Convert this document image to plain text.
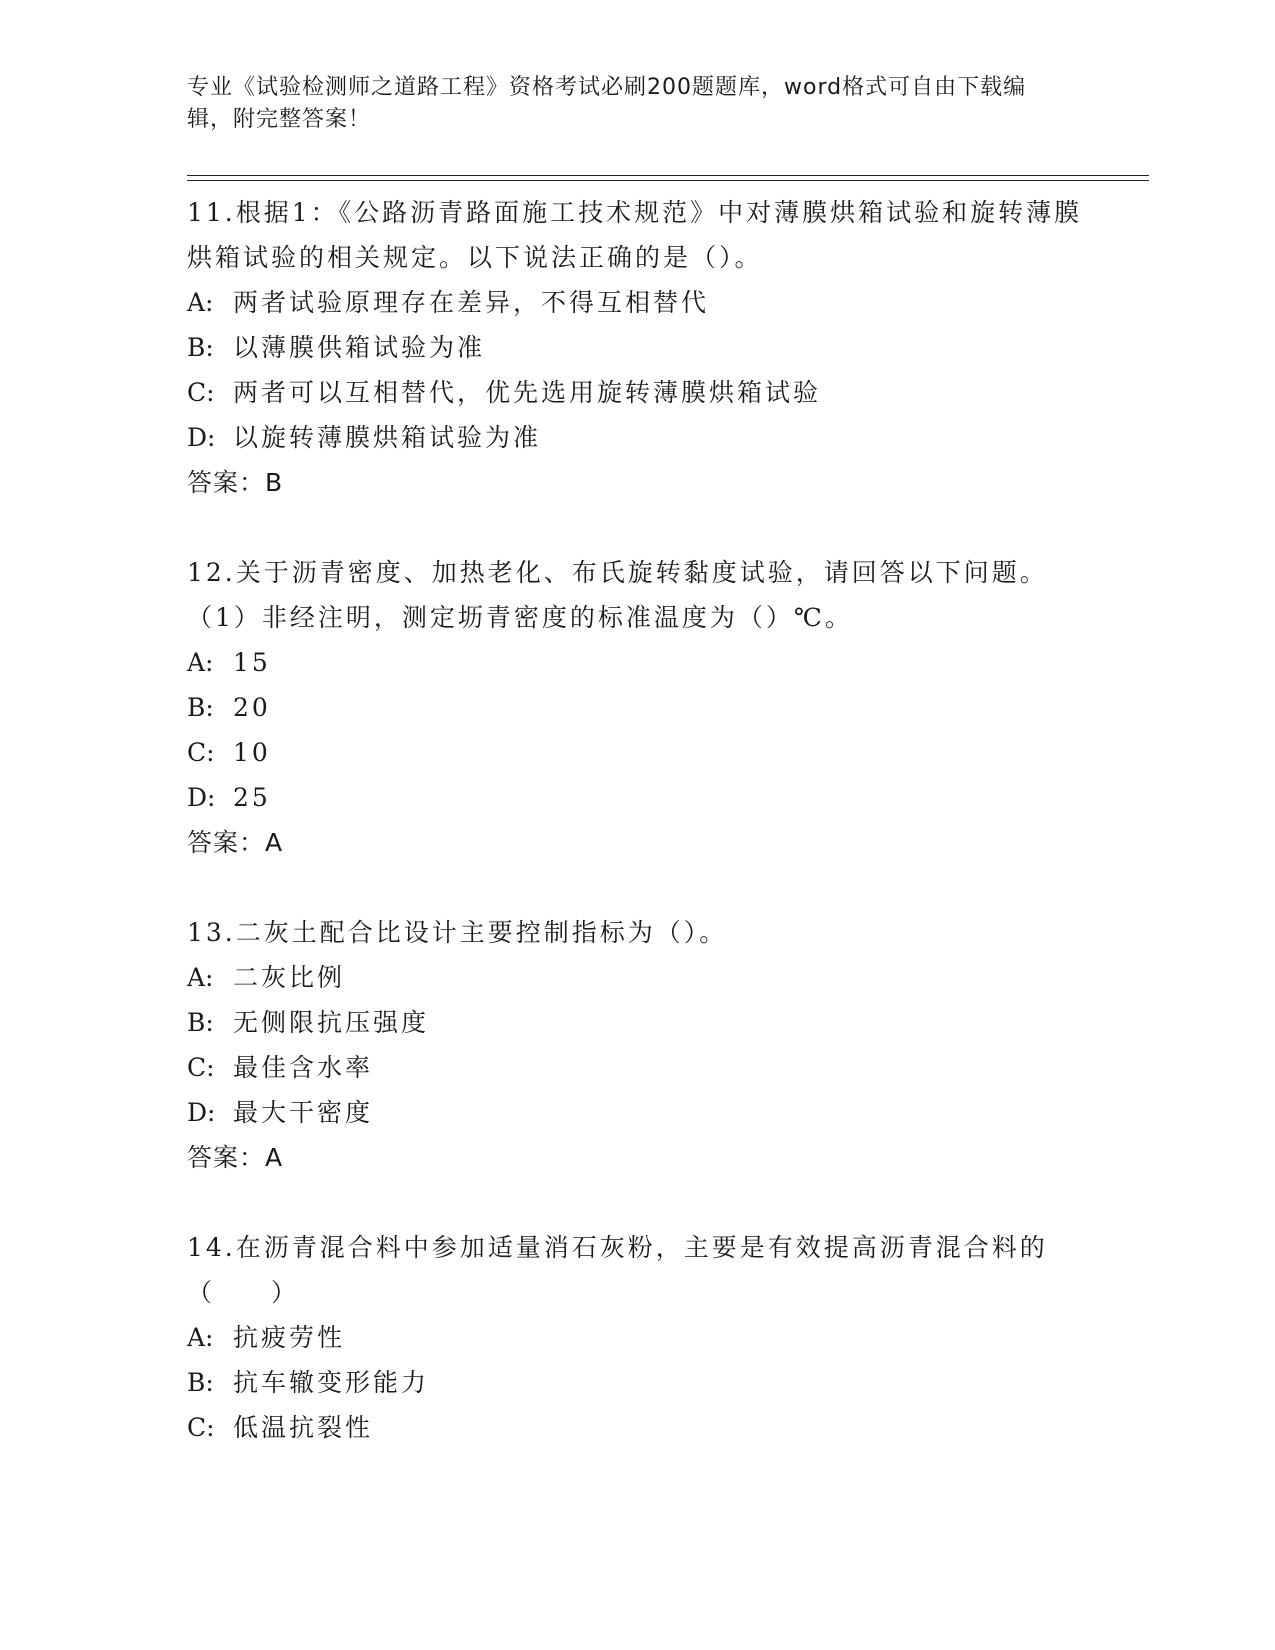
专业《试验检测师之道路工程》资格考试必刷200题题库，word格式可自由下载编辑，附完整答案！

11.根据1：《公路沥青路面施工技术规范》中对薄膜烘箱试验和旋转薄膜烘箱试验的相关规定。以下说法正确的是（）。

A: 两者试验原理存在差异，不得互相替代

B: 以薄膜供箱试验为准

C: 两者可以互相替代，优先选用旋转薄膜烘箱试验

D: 以旋转薄膜烘箱试验为准

答案：B

12.关于沥青密度、加热老化、布氏旋转黏度试验，请回答以下问题。（1）非经注明，测定坜青密度的标准温度为（）℃。

A: 15

B: 20

C: 10

D: 25

答案：A

13.二灰土配合比设计主要控制指标为（）。

A: 二灰比例

B: 无侧限抗压强度

C: 最佳含水率

D: 最大干密度

答案：A

14.在沥青混合料中参加适量消石灰粉，主要是有效提高沥青混合料的（　　）

A: 抗疲劳性

B: 抗车辙变形能力

C: 低温抗裂性
